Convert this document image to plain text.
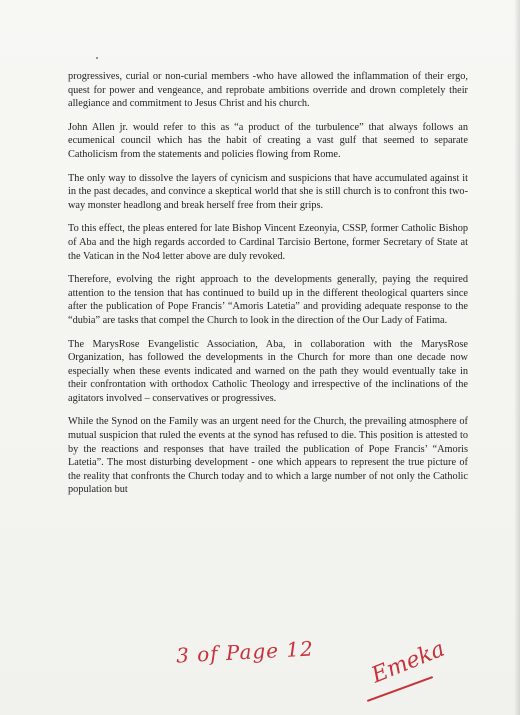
progressives, curial or non-curial members -who have allowed the inflammation of their ergo, quest for power and vengeance, and reprobate ambitions override and drown completely their allegiance and commitment to Jesus Christ and his church.

John Allen jr. would refer to this as “a product of the turbulence” that always follows an ecumenical council which has the habit of creating a vast gulf that seemed to separate Catholicism from the statements and policies flowing from Rome.

The only way to dissolve the layers of cynicism and suspicions that have accumulated against it in the past decades, and convince a skeptical world that she is still church is to confront this two-way monster headlong and break herself free from their grips.

To this effect, the pleas entered for late Bishop Vincent Ezeonyia, CSSP, former Catholic Bishop of Aba and the high regards accorded to Cardinal Tarcisio Bertone, former Secretary of State at the Vatican in the No4 letter above are duly revoked.

Therefore, evolving the right approach to the developments generally, paying the required attention to the tension that has continued to build up in the different theological quarters since after the publication of Pope Francis’ “Amoris Latetia” and providing adequate response to the “dubia” are tasks that compel the Church to look in the direction of the Our Lady of Fatima.

The MarysRose Evangelistic Association, Aba, in collaboration with the MarysRose Organization, has followed the developments in the Church for more than one decade now especially when these events indicated and warned on the path they would eventually take in their confrontation with orthodox Catholic Theology and irrespective of the inclinations of the agitators involved – conservatives or progressives.

While the Synod on the Family was an urgent need for the Church, the prevailing atmosphere of mutual suspicion that ruled the events at the synod has refused to die. This position is attested to by the reactions and responses that have trailed the publication of Pope Francis’ “Amoris Latetia”. The most disturbing development - one which appears to represent the true picture of the reality that confronts the Church today and to which a large number of not only the Catholic population but

3 of Page 12 Emeka
